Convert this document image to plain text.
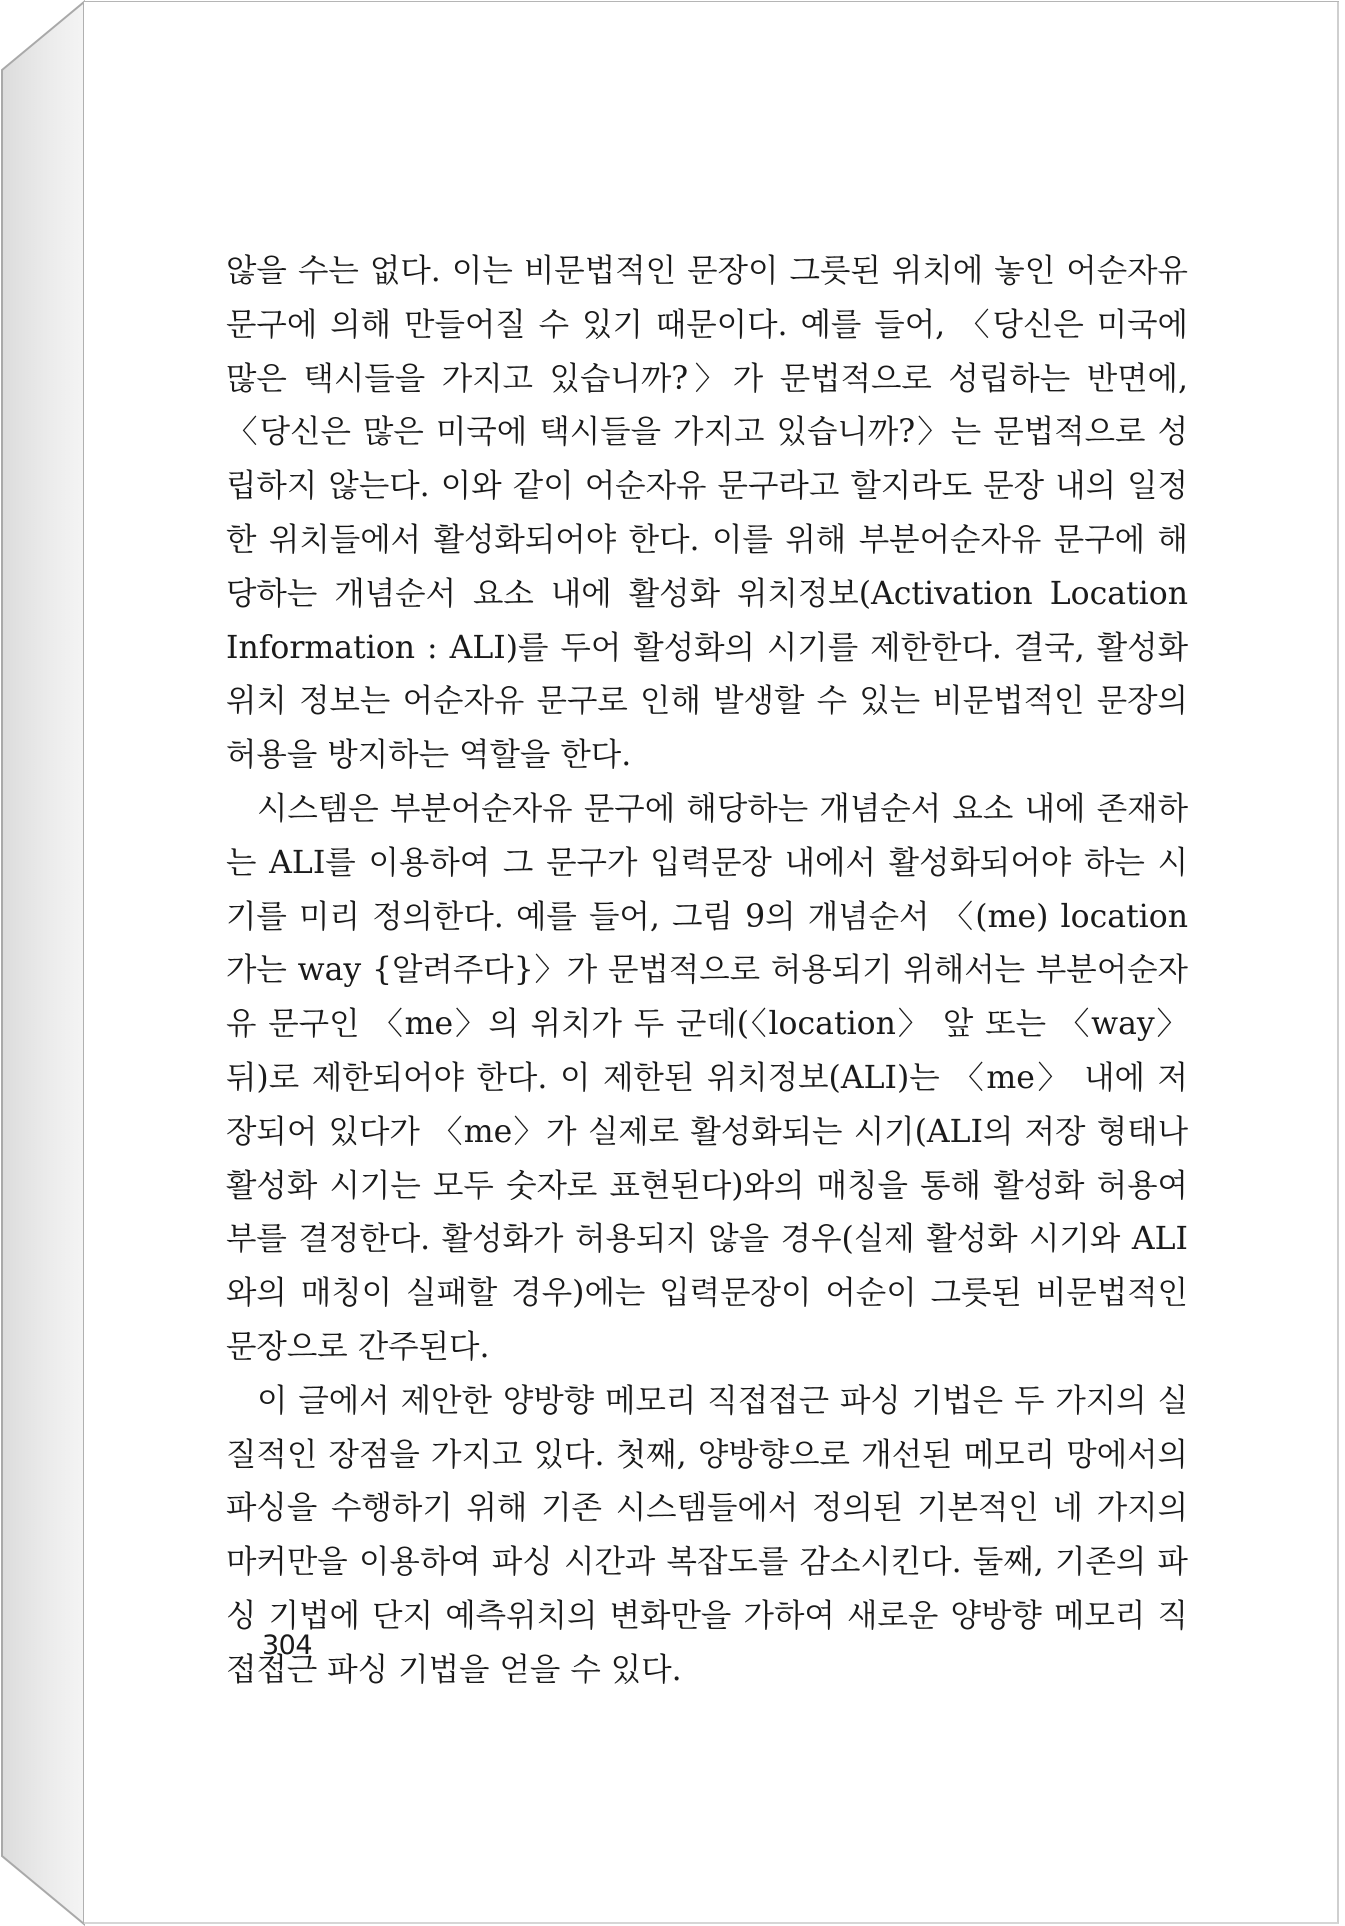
않을 수는 없다. 이는 비문법적인 문장이 그릇된 위치에 놓인 어순자유 문구에 의해 만들어질 수 있기 때문이다. 예를 들어, 〈당신은 미국에 많은 택시들을 가지고 있습니까?〉가 문법적으로 성립하는 반면에, 〈당신은 많은 미국에 택시들을 가지고 있습니까?〉는 문법적으로 성립하지 않는다. 이와 같이 어순자유 문구라고 할지라도 문장 내의 일정한 위치들에서 활성화되어야 한다. 이를 위해 부분어순자유 문구에 해당하는 개념순서 요소 내에 활성화 위치정보(Activation Location Information : ALI)를 두어 활성화의 시기를 제한한다. 결국, 활성화 위치 정보는 어순자유 문구로 인해 발생할 수 있는 비문법적인 문장의 허용을 방지하는 역할을 한다.

시스템은 부분어순자유 문구에 해당하는 개념순서 요소 내에 존재하는 ALI를 이용하여 그 문구가 입력문장 내에서 활성화되어야 하는 시기를 미리 정의한다. 예를 들어, 그림 9의 개념순서 〈(me) location 가는 way {알려주다}〉가 문법적으로 허용되기 위해서는 부분어순자유 문구인 〈me〉의 위치가 두 군데(〈location〉 앞 또는 〈way〉 뒤)로 제한되어야 한다. 이 제한된 위치정보(ALI)는 〈me〉 내에 저장되어 있다가 〈me〉가 실제로 활성화되는 시기(ALI의 저장 형태나 활성화 시기는 모두 숫자로 표현된다)와의 매칭을 통해 활성화 허용여부를 결정한다. 활성화가 허용되지 않을 경우(실제 활성화 시기와 ALI와의 매칭이 실패할 경우)에는 입력문장이 어순이 그릇된 비문법적인 문장으로 간주된다.

이 글에서 제안한 양방향 메모리 직접접근 파싱 기법은 두 가지의 실질적인 장점을 가지고 있다. 첫째, 양방향으로 개선된 메모리 망에서의 파싱을 수행하기 위해 기존 시스템들에서 정의된 기본적인 네 가지의 마커만을 이용하여 파싱 시간과 복잡도를 감소시킨다. 둘째, 기존의 파싱 기법에 단지 예측위치의 변화만을 가하여 새로운 양방향 메모리 직접접근 파싱 기법을 얻을 수 있다.

304
